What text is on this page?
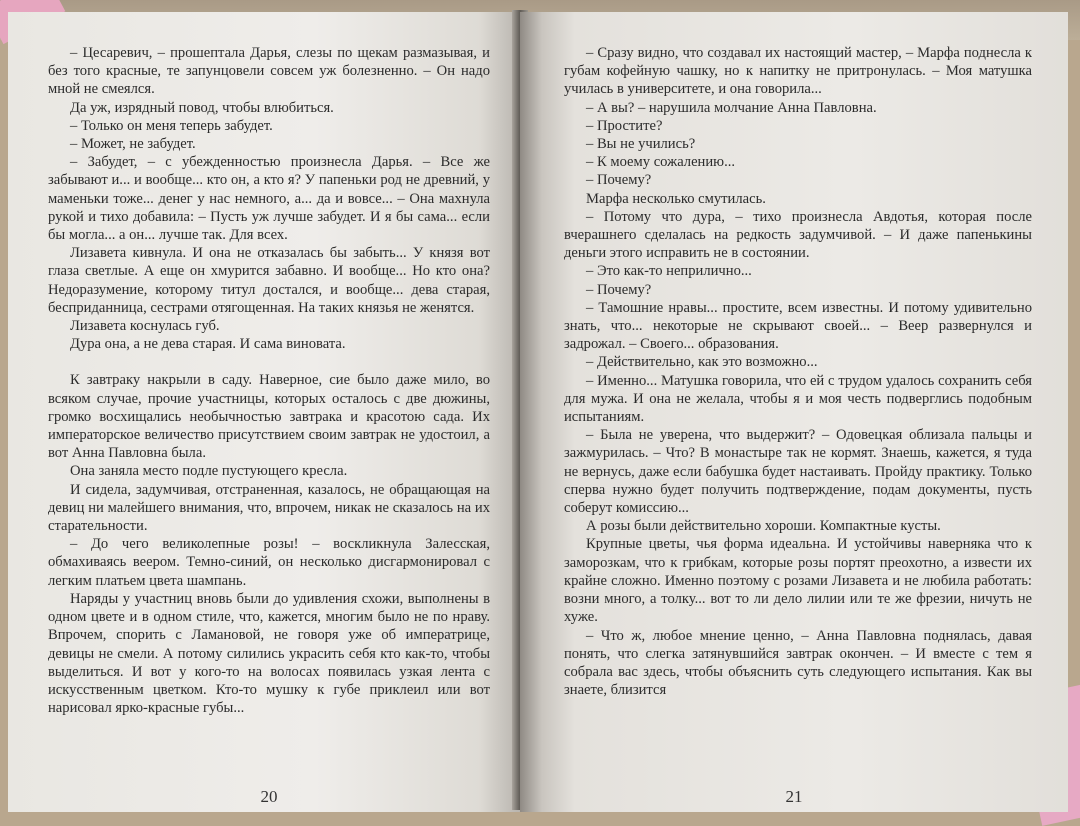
– Цесаревич, – прошептала Дарья, слезы по щекам размазывая, и без того красные, те запунцовели совсем уж болезненно. – Он надо мной не смеялся.

Да уж, изрядный повод, чтобы влюбиться.

– Только он меня теперь забудет.

– Может, не забудет.

– Забудет, – с убежденностью произнесла Дарья. – Все же забывают и... и вообще... кто он, а кто я? У папеньки род не древний, у маменьки тоже... денег у нас немного, а... да и вовсе... – Она махнула рукой и тихо добавила: – Пусть уж лучше забудет. И я бы сама... если бы могла... а он... лучше так. Для всех.

Лизавета кивнула. И она не отказалась бы забыть... У князя вот глаза светлые. А еще он хмурится забавно. И вообще... Но кто она? Недоразумение, которому титул достался, и вообще... дева старая, бесприданница, сестрами отягощенная. На таких князья не женятся.

Лизавета коснулась губ.

Дура она, а не дева старая. И сама виновата.

К завтраку накрыли в саду. Наверное, сие было даже мило, во всяком случае, прочие участницы, которых осталось с две дюжины, громко восхищались необычностью завтрака и красотою сада. Их императорское величество присутствием своим завтрак не удостоил, а вот Анна Павловна была.

Она заняла место подле пустующего кресла.

И сидела, задумчивая, отстраненная, казалось, не обращающая на девиц ни малейшего внимания, что, впрочем, никак не сказалось на их старательности.

– До чего великолепные розы! – воскликнула Залесская, обмахиваясь веером. Темно-синий, он несколько дисгармонировал с легким платьем цвета шампань.

Наряды у участниц вновь были до удивления схожи, выполнены в одном цвете и в одном стиле, что, кажется, многим было не по нраву. Впрочем, спорить с Ламановой, не говоря уже об императрице, девицы не смели. А потому силились украсить себя кто как-то, чтобы выделиться. И вот у кого-то на волосах появилась узкая лента с искусственным цветком. Кто-то мушку к губе приклеил или вот нарисовал ярко-красные губы...

20

– Сразу видно, что создавал их настоящий мастер, – Марфа поднесла к губам кофейную чашку, но к напитку не притронулась. – Моя матушка училась в университете, и она говорила...

– А вы? – нарушила молчание Анна Павловна.

– Простите?

– Вы не учились?

– К моему сожалению...

– Почему?

Марфа несколько смутилась.

– Потому что дура, – тихо произнесла Авдотья, которая после вчерашнего сделалась на редкость задумчивой. – И даже папенькины деньги этого исправить не в состоянии.

– Это как-то неприлично...

– Почему?

– Тамошние нравы... простите, всем известны. И потому удивительно знать, что... некоторые не скрывают своей... – Веер развернулся и задрожал. – Своего... образования.

– Действительно, как это возможно...

– Именно... Матушка говорила, что ей с трудом удалось сохранить себя для мужа. И она не желала, чтобы я и моя честь подверглись подобным испытаниям.

– Была не уверена, что выдержит? – Одовецкая облизала пальцы и зажмурилась. – Что? В монастыре так не кормят. Знаешь, кажется, я туда не вернусь, даже если бабушка будет настаивать. Пройду практику. Только сперва нужно будет получить подтверждение, подам документы, пусть соберут комиссию...

А розы были действительно хороши. Компактные кусты.

Крупные цветы, чья форма идеальна. И устойчивы наверняка что к заморозкам, что к грибкам, которые розы портят преохотно, а извести их крайне сложно. Именно поэтому с розами Лизавета и не любила работать: возни много, а толку... вот то ли дело лилии или те же фрезии, ничуть не хуже.

– Что ж, любое мнение ценно, – Анна Павловна поднялась, давая понять, что слегка затянувшийся завтрак окончен. – И вместе с тем я собрала вас здесь, чтобы объяснить суть следующего испытания. Как вы знаете, близится

21
